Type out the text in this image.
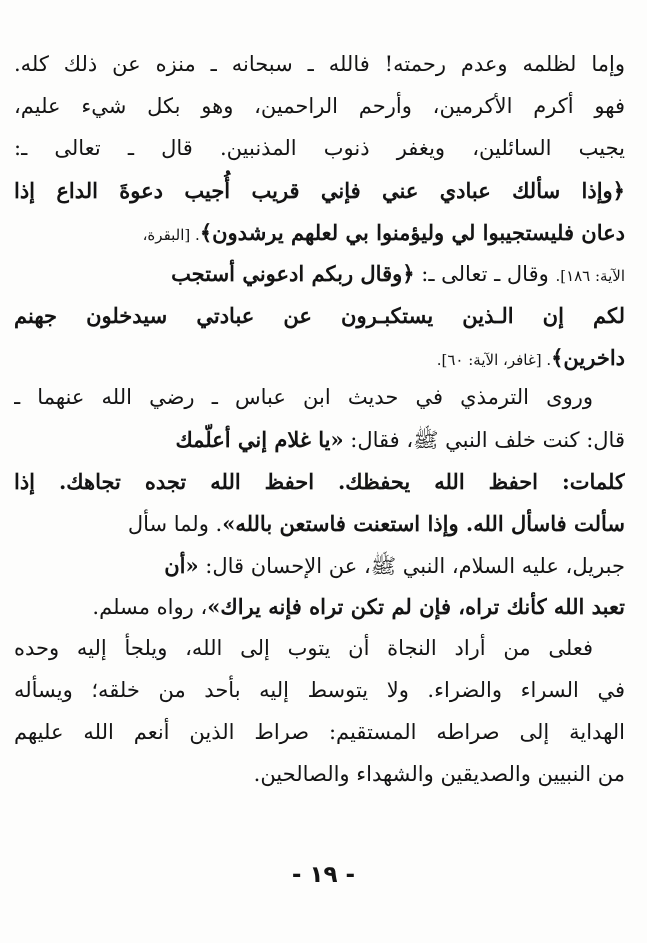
وإما لظلمه وعدم رحمته! فالله ـ سبحانه ـ منزه عن ذلك كله.
فهو أكرم الأكرمين، وأرحم الراحمين، وهو بكل شيء عليم،
يجيب السائلين، ويغفر ذنوب المذنبين. قال ـ تعالى ـ:
﴿وإذا سألك عبادي عني فإني قريب أُجيب دعوةَ الداع إذا
دعان فليستجيبوا لي وليؤمنوا بي لعلهم يرشدون﴾. [البقرة،
الآية: ١٨٦]. وقال ـ تعالى ـ: ﴿وقال ربكم ادعوني أستجب
لكم إن الـذين يستكبـرون عن عبادتي سيدخلون جهنم
داخرين﴾. [غافر، الآية: ٦٠].
وروى الترمذي في حديث ابن عباس ـ رضي الله عنهما ـ
قال: كنت خلف النبي ﷺ، فقال: «يا غلام إني أعلّمك
كلمات: احفظ الله يحفظك. احفظ الله تجده تجاهك. إذا
سألت فاسأل الله. وإذا استعنت فاستعن بالله». ولما سأل
جبريل، عليه السلام، النبي ﷺ، عن الإحسان قال: «أن
تعبد الله كأنك تراه، فإن لم تكن تراه فإنه يراك»، رواه مسلم.
فعلى من أراد النجاة أن يتوب إلى الله، ويلجأ إليه وحده
في السراء والضراء. ولا يتوسط إليه بأحد من خلقه؛ ويسأله
الهداية إلى صراطه المستقيم: صراط الذين أنعم الله عليهم
من النبيين والصديقين والشهداء والصالحين.
- ١٩ -
